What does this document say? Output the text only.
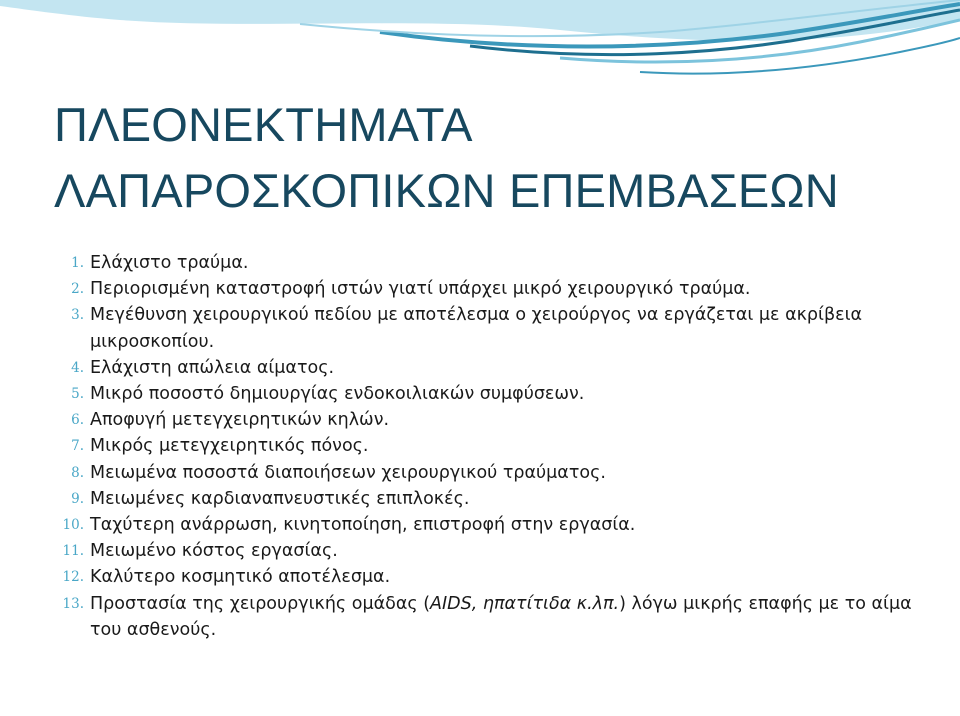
ΠΛΕΟΝΕΚΤΗΜΑΤΑ
ΛΑΠΑΡΟΣΚΟΠΙΚΩΝ ΕΠΕΜΒΑΣΕΩΝ
1. Ελάχιστο τραύμα.
2. Περιορισμένη καταστροφή ιστών γιατί υπάρχει μικρό χειρουργικό τραύμα.
3. Μεγέθυνση χειρουργικού πεδίου με αποτέλεσμα ο χειρούργος να εργάζεται με ακρίβεια μικροσκοπίου.
4. Ελάχιστη απώλεια αίματος.
5. Μικρό ποσοστό δημιουργίας ενδοκοιλιακών συμφύσεων.
6. Αποφυγή μετεγχειρητικών κηλών.
7. Μικρός μετεγχειρητικός πόνος.
8. Μειωμένα ποσοστά διαποιήσεων χειρουργικού τραύματος.
9. Μειωμένες καρδιαναπνευστικές επιπλοκές.
10. Ταχύτερη ανάρρωση, κινητοποίηση, επιστροφή στην εργασία.
11. Μειωμένο κόστος εργασίας.
12. Καλύτερο κοσμητικό αποτέλεσμα.
13. Προστασία της χειρουργικής ομάδας (AIDS, ηπατίτιδα κ.λπ.) λόγω μικρής επαφής με το αίμα του ασθενούς.
